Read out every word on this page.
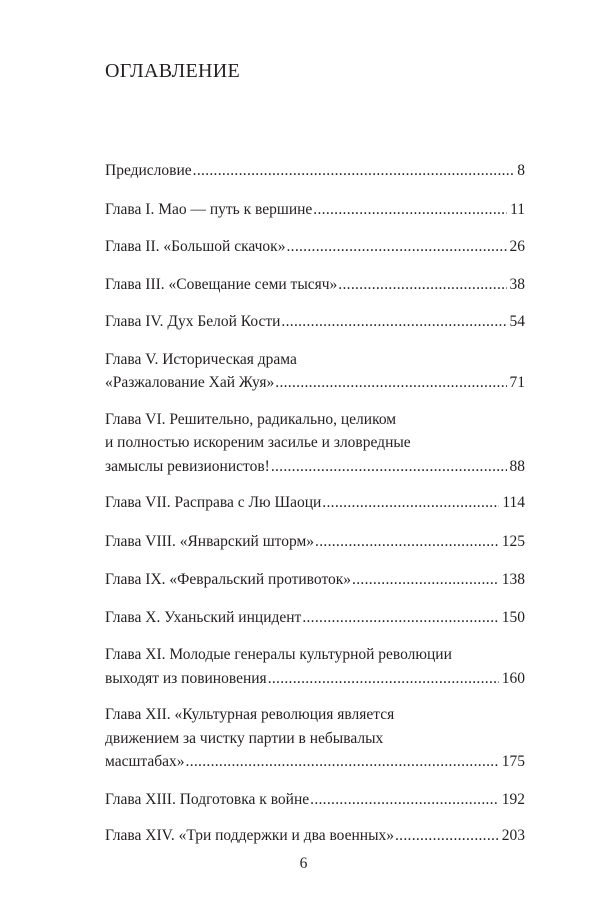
ОГЛАВЛЕНИЕ
Предисловие .....	8
Глава I. Мао — путь к вершине .....	11
Глава II. «Большой скачок» .....	26
Глава III. «Совещание семи тысяч» .....	38
Глава IV. Дух Белой Кости .....	54
Глава V. Историческая драма
«Разжалование Хай Жуя» .....	71
Глава VI. Решительно, радикально, целиком
и полностью искореним засилье и зловредные
замыслы ревизионистов! .....	88
Глава VII. Расправа с Лю Шаоци .....	114
Глава VIII. «Январский шторм» .....	125
Глава IX. «Февральский противоток» .....	138
Глава X. Уханьский инцидент .....	150
Глава XI. Молодые генералы культурной революции
выходят из повиновения .....	160
Глава XII. «Культурная революция является
движением за чистку партии в небывалых
масштабах» .....	175
Глава XIII. Подготовка к войне .....	192
Глава XIV. «Три поддержки и два военных» .....	203
6
